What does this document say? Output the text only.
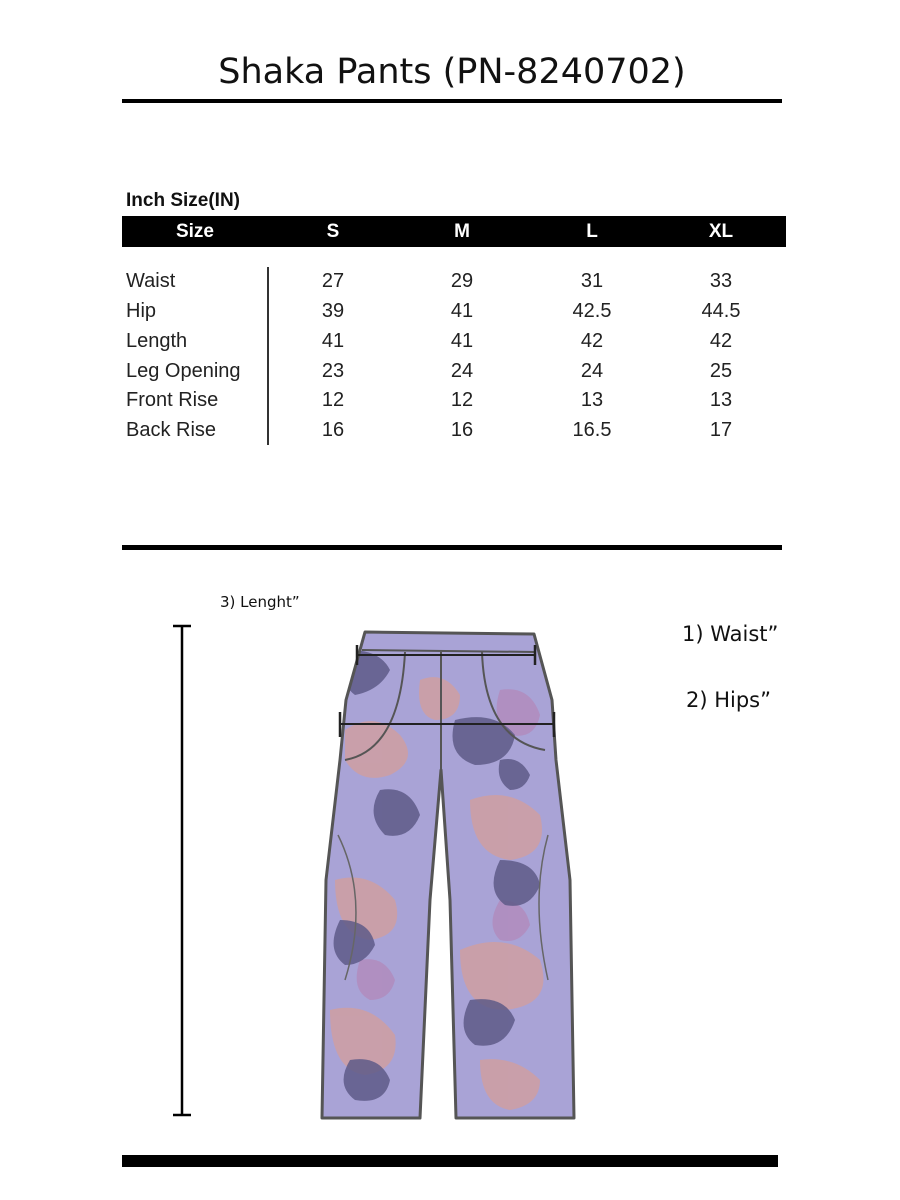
Shaka Pants (PN-8240702)
Inch Size(IN)
Size	S	M	L	XL
Waist	27	29	31	33
Hip	39	41	42.5	44.5
Length	41	41	42	42
Leg Opening	23	24	24	25
Front Rise	12	12	13	13
Back Rise	16	16	16.5	17
3) Lenght”
1) Waist”
2) Hips”
